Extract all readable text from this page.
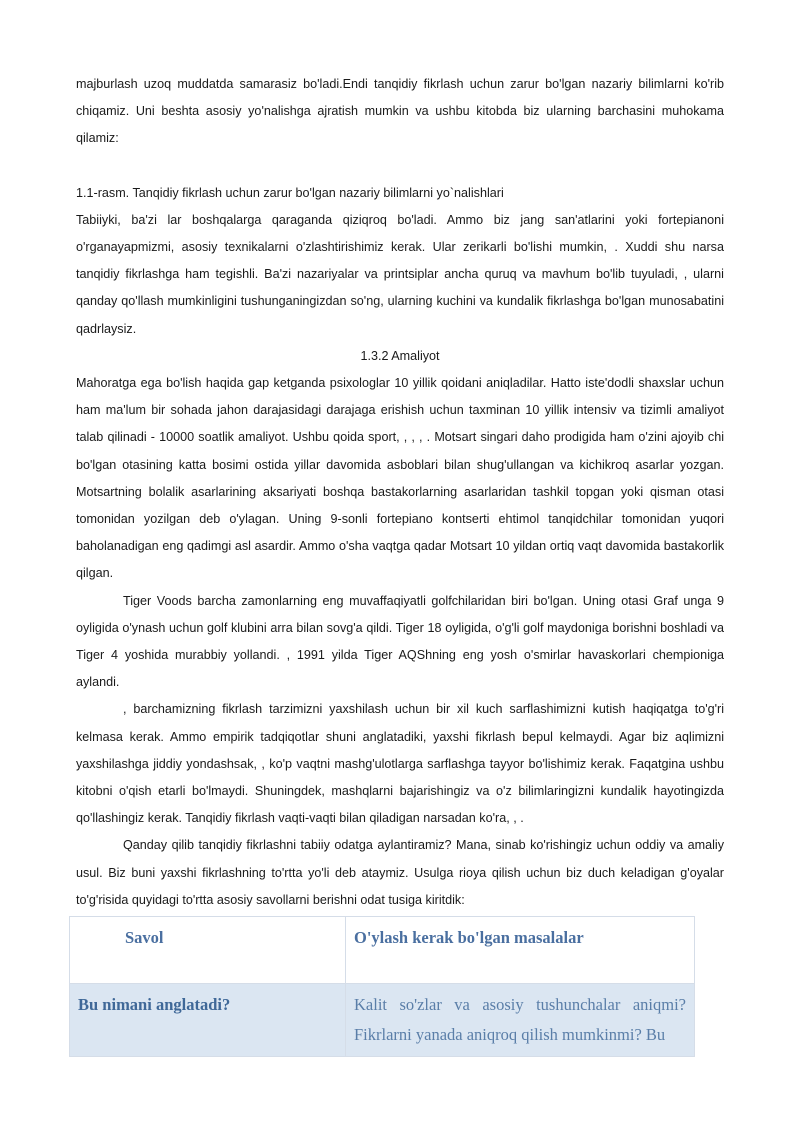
majburlash uzoq muddatda samarasiz bo'ladi.Endi tanqidiy fikrlash uchun zarur bo'lgan nazariy bilimlarni ko'rib chiqamiz. Uni beshta asosiy yo'nalishga ajratish mumkin va ushbu kitobda biz ularning barchasini muhokama qilamiz:

1.1-rasm. Tanqidiy fikrlash uchun zarur bo'lgan nazariy bilimlarni yo`nalishlari

Tabiiyki, ba'zi lar boshqalarga qaraganda qiziqroq bo'ladi. Ammo biz jang san'atlarini yoki fortepianoni o'rganayapmizmi, asosiy texnikalarni o'zlashtirishimiz kerak. Ular zerikarli bo'lishi mumkin, . Xuddi shu narsa tanqidiy fikrlashga ham tegishli. Ba'zi nazariyalar va printsiplar ancha quruq va mavhum bo'lib tuyuladi, , ularni qanday qo'llash mumkinligini tushunganingizdan so'ng, ularning kuchini va kundalik fikrlashga bo'lgan munosabatini qadrlaysiz.

1.3.2 Amaliyot

Mahoratga ega bo'lish haqida gap ketganda psixologlar 10 yillik qoidani aniqladilar. Hatto iste'dodli shaxslar uchun ham ma'lum bir sohada jahon darajasidagi darajaga erishish uchun taxminan 10 yillik intensiv va tizimli amaliyot talab qilinadi - 10000 soatlik amaliyot. Ushbu qoida sport, , , , . Motsart singari daho prodigida ham o'zini ajoyib chi bo'lgan otasining katta bosimi ostida yillar davomida asboblari bilan shug'ullangan va kichikroq asarlar yozgan. Motsartning bolalik asarlarining aksariyati boshqa bastakorlarning asarlaridan tashkil topgan yoki qisman otasi tomonidan yozilgan deb o'ylagan. Uning 9-sonli fortepiano kontserti ehtimol tanqidchilar tomonidan yuqori baholanadigan eng qadimgi asl asardir. Ammo o'sha vaqtga qadar Motsart 10 yildan ortiq vaqt davomida bastakorlik qilgan.

Tiger Voods barcha zamonlarning eng muvaffaqiyatli golfchilaridan biri bo'lgan. Uning otasi Graf unga 9 oyligida o'ynash uchun golf klubini arra bilan sovg'a qildi. Tiger 18 oyligida, o'g'li golf maydoniga borishni boshladi va Tiger 4 yoshida murabbiy yollandi. , 1991 yilda Tiger AQShning eng yosh o'smirlar havaskorlari chempioniga aylandi.

, barchamizning fikrlash tarzimizni yaxshilash uchun bir xil kuch sarflashimizni kutish haqiqatga to'g'ri kelmasa kerak. Ammo empirik tadqiqotlar shuni anglatadiki, yaxshi fikrlash bepul kelmaydi. Agar biz aqlimizni yaxshilashga jiddiy yondashsak, , ko'p vaqtni mashg'ulotlarga sarflashga tayyor bo'lishimiz kerak. Faqatgina ushbu kitobni o'qish etarli bo'lmaydi. Shuningdek, mashqlarni bajarishingiz va o'z bilimlaringizni kundalik hayotingizda qo'llashingiz kerak. Tanqidiy fikrlash vaqti-vaqti bilan qiladigan narsadan ko'ra, , .

Qanday qilib tanqidiy fikrlashni tabiiy odatga aylantiramiz? Mana, sinab ko'rishingiz uchun oddiy va amaliy usul. Biz buni yaxshi fikrlashning to'rtta yo'li deb ataymiz. Usulga rioya qilish uchun biz duch keladigan g'oyalar to'g'risida quyidagi to'rtta asosiy savollarni berishni odat tusiga kiritdik:

Savol	O'ylash kerak bo'lgan masalalar
Bu nimani anglatadi?	Kalit so'zlar va asosiy tushunchalar aniqmi? Fikrlarni yanada aniqroq qilish mumkinmi? Bu
